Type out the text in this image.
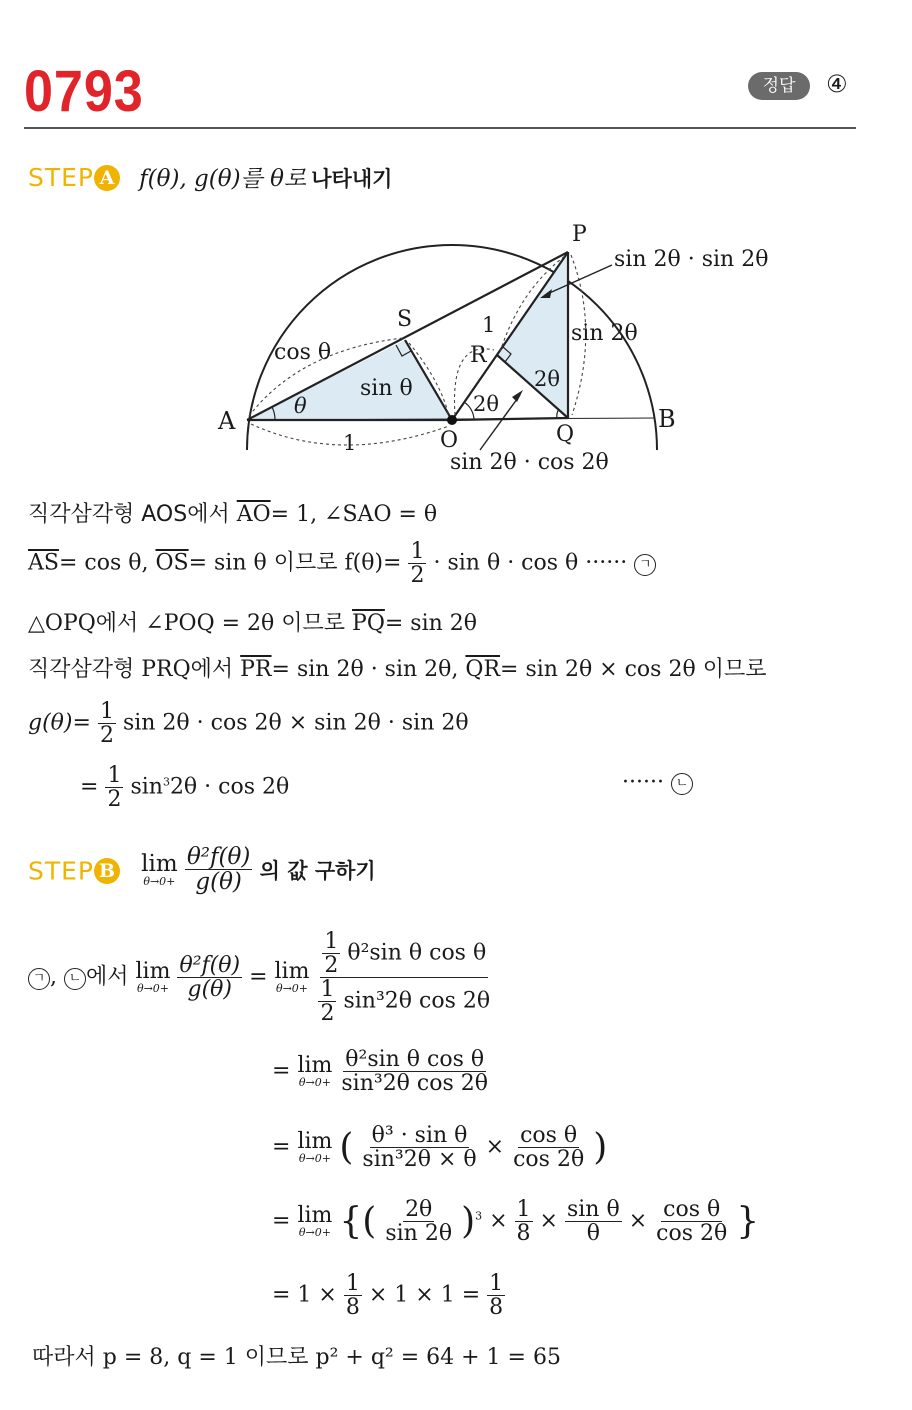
0793	정답	④
STEP A f(θ), g(θ)를 θ로 나타내기
A	B
O
P
Q
R
S
cos θ
sin θ
θ
1
1
2θ
2θ
sin 2θ · sin 2θ
sin 2θ
sin 2θ · cos 2θ
직각삼각형 AOS에서 $\overline{AO}= 1$, ∠SAO = θ
$\overline{AS}= \cos \theta$, $\overline{OS}= \sin \theta$ 이므로 $f(\theta)= \frac{1}{2} \cdot \sin \theta \cdot \cos \theta$ ······ ㄱ
△OPQ에서 ∠POQ = 2θ 이므로 $\overline{PQ}= \sin 2\theta$
직각삼각형 PRQ에서 $\overline{PR}= \sin 2\theta \cdot \sin 2\theta$, $\overline{QR}= \sin 2\theta \times \cos 2\theta$ 이므로
$g(\theta)= \frac{1}{2}$ sin 2θ · cos 2θ × sin 2θ · sin 2θ
= $\frac{1}{2} \sin^32\theta \cdot \cos 2\theta$	······ ㄴ
STEP B lim
θ→0+
$\frac{\text{θ²f(θ)}}{g(\theta)}$ 의 값 구하기
ㄱ , ㄴ 에서 lim
θ→0+
$\frac{\text{θ²f(θ)}}{g(\theta)} = \lim$
θ→0+
$\frac{\frac{1}{2} \theta^2\sin \theta \cos \theta}{\frac{1}{2} \sin^32\theta \cos 2\theta}$
= lim
θ→0+
$\frac{\text{θ²sin θ cos θ}}{\text{sin³2θ cos 2θ}}$
= lim
θ→0+ ( $\frac{\text{θ³ · sin θ}}{\text{sin³2θ × θ}} \times \frac{\text{cos θ}}{\cos 2\theta}$ )
= lim
θ→0+ {( $\frac{2\theta}{\sin 2\theta} )^3 \times \frac{1}{8} \times \frac{\text{sin θ}}{\theta} \times \frac{\text{cos θ}}{\cos 2\theta}$ }
= $1 \times \frac{1}{8} \times 1 \times 1 = \frac{1}{8}$
따라서 p = 8, q = 1 이므로 p² + q² = 64 + 1 = 65
